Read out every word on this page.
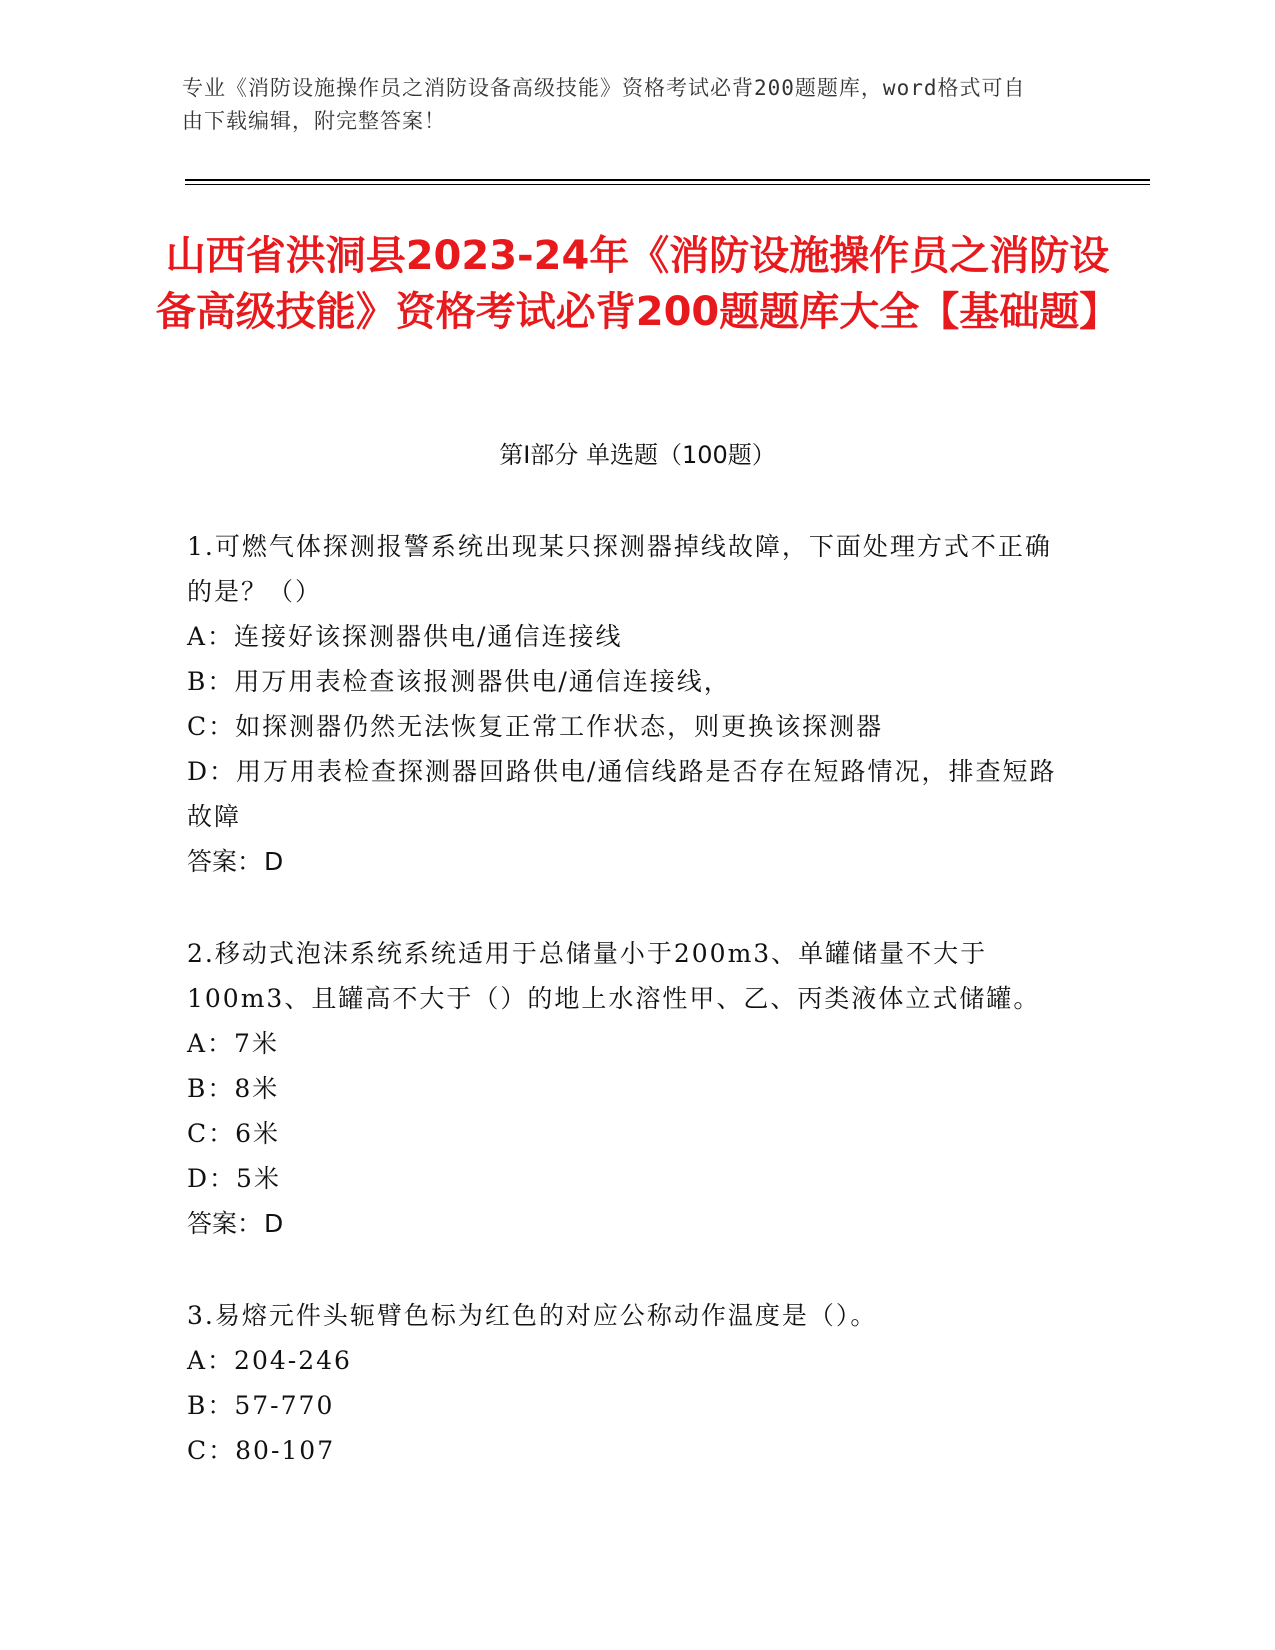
专业《消防设施操作员之消防设备高级技能》资格考试必背200题题库，word格式可自由下载编辑，附完整答案！
山西省洪洞县2023-24年《消防设施操作员之消防设备高级技能》资格考试必背200题题库大全【基础题】
第Ⅰ部分 单选题（100题）
1.可燃气体探测报警系统出现某只探测器掉线故障，下面处理方式不正确的是？（）
A：连接好该探测器供电/通信连接线
B：用万用表检查该报测器供电/通信连接线，
C：如探测器仍然无法恢复正常工作状态，则更换该探测器
D：用万用表检查探测器回路供电/通信线路是否存在短路情况，排查短路故障
答案：D
2.移动式泡沫系统系统适用于总储量小于200m3、单罐储量不大于100m3、且罐高不大于（）的地上水溶性甲、乙、丙类液体立式储罐。
A：7米
B：8米
C：6米
D：5米
答案：D
3.易熔元件头轭臂色标为红色的对应公称动作温度是（）。
A：204-246
B：57-770
C：80-107
